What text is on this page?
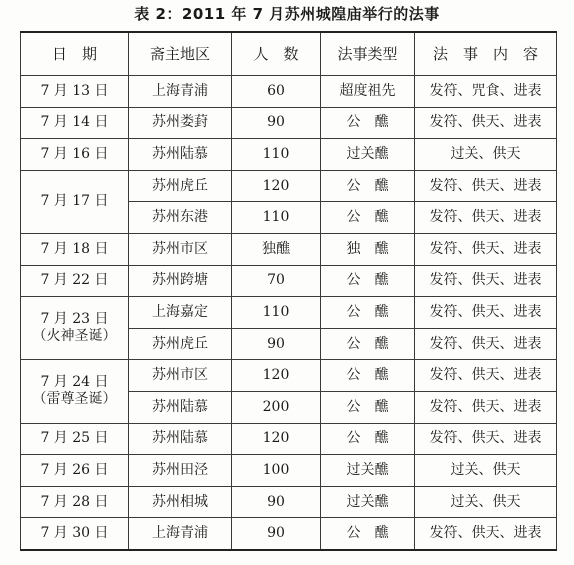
表 2：2011 年 7 月苏州城隍庙举行的法事
日　期	斋主地区	人　数	法事类型	法　事　内　容

7 月 13 日	上海青浦	60	超度祖先	发符、咒食、进表

7 月 14 日	苏州娄葑	90	公　醮	发符、供天、进表

7 月 16 日	苏州陆慕	110	过关醮	过关、供天

7 月 17 日	苏州虎丘	120	公　醮	发符、供天、进表
	苏州东港	110	公　醮	发符、供天、进表

7 月 18 日	苏州市区	独醮	独　醮	发符、供天、进表

7 月 22 日	苏州跨塘	70	公　醮	发符、供天、进表

7 月 23 日
（火神圣诞）	上海嘉定	110	公　醮	发符、供天、进表
	苏州虎丘	90	公　醮	发符、供天、进表

7 月 24 日
（雷尊圣诞）	苏州市区	120	公　醮	发符、供天、进表
	苏州陆慕	200	公　醮	发符、供天、进表

7 月 25 日	苏州陆慕	120	公　醮	发符、供天、进表

7 月 26 日	苏州田泾	100	过关醮	过关、供天

7 月 28 日	苏州相城	90	过关醮	过关、供天

7 月 30 日	上海青浦	90	公　醮	发符、供天、进表
